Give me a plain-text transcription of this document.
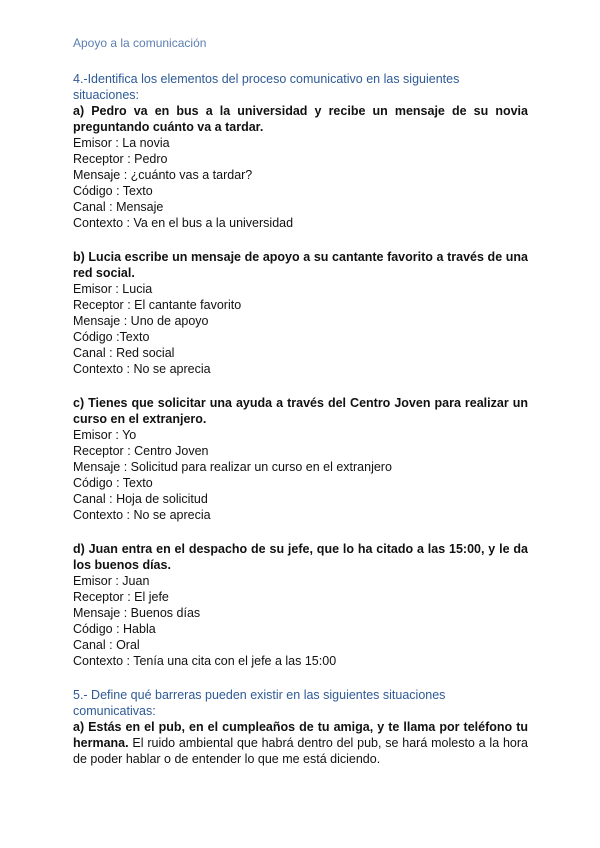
Apoyo a la comunicación

4.-Identifica los elementos del proceso comunicativo en las siguientes situaciones:

a) Pedro va en bus a la universidad y recibe un mensaje de su novia preguntando cuánto va a tardar.

Emisor : La novia

Receptor : Pedro

Mensaje : ¿cuánto vas a tardar?

Código : Texto

Canal : Mensaje

Contexto : Va en el bus a la universidad

b) Lucia escribe un mensaje de apoyo a su cantante favorito a través de una red social.

Emisor : Lucia

Receptor : El cantante favorito

Mensaje : Uno de apoyo

Código :Texto

Canal : Red social

Contexto : No se aprecia

c) Tienes que solicitar una ayuda a través del Centro Joven para realizar un curso en el extranjero.

Emisor : Yo

Receptor : Centro Joven

Mensaje : Solicitud para realizar un curso en el extranjero

Código : Texto

Canal : Hoja de solicitud

Contexto : No se aprecia

d) Juan entra en el despacho de su jefe, que lo ha citado a las 15:00, y le da los buenos días.

Emisor : Juan

Receptor : El jefe

Mensaje : Buenos días

Código : Habla

Canal : Oral

Contexto : Tenía una cita con el jefe a las 15:00

5.- Define qué barreras pueden existir en las siguientes situaciones comunicativas:

a) Estás en el pub, en el cumpleaños de tu amiga, y te llama por teléfono tu hermana. El ruido ambiental que habrá dentro del pub, se hará molesto a la hora de poder hablar o de entender lo que me está diciendo.
